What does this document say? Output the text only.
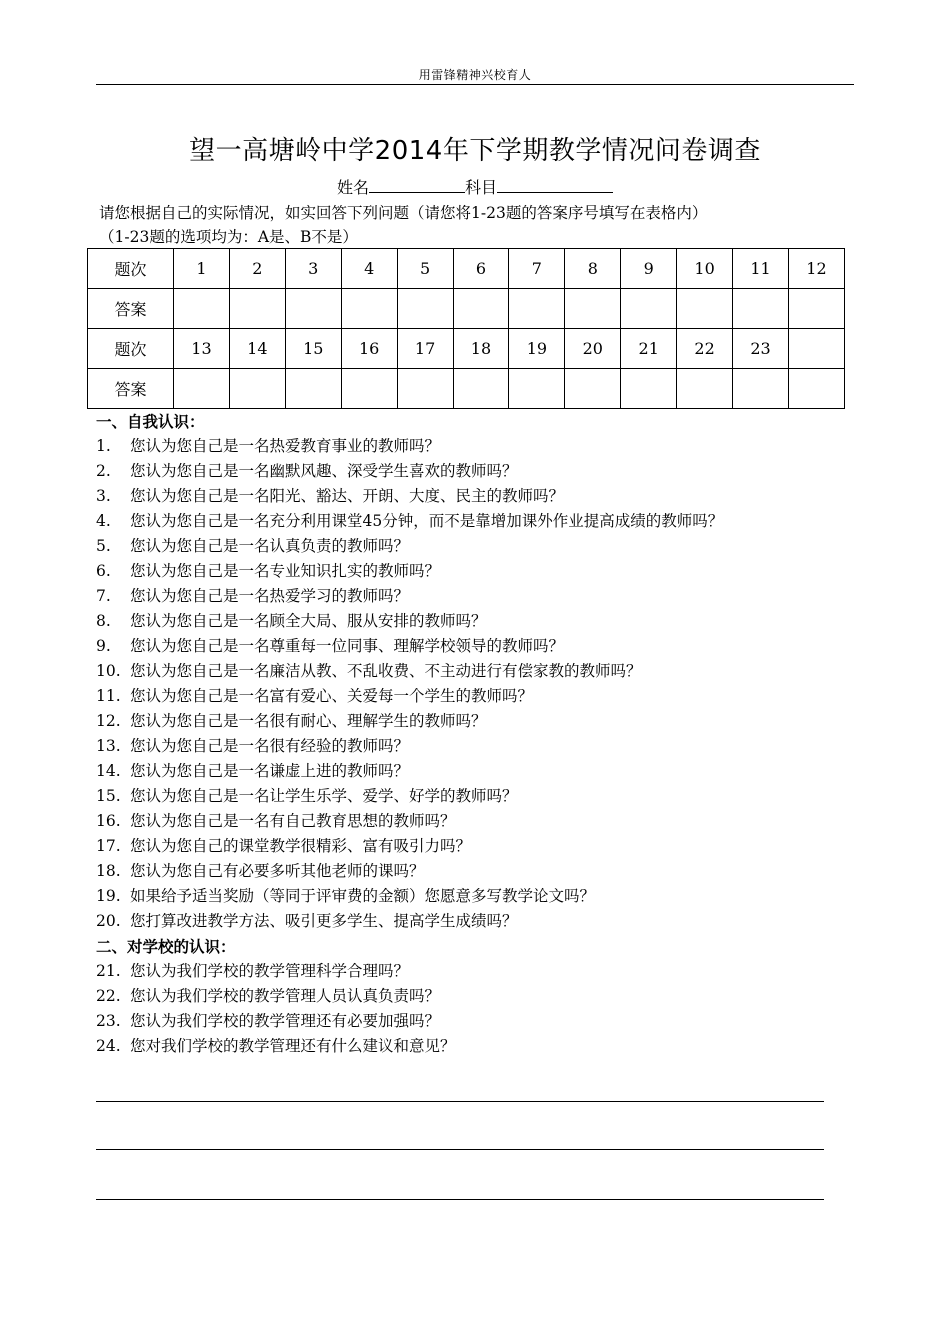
用雷锋精神兴校育人
望一高塘岭中学2014年下学期教学情况问卷调查
姓名	科目
请您根据自己的实际情况，如实回答下列问题（请您将1-23题的答案序号填写在表格内）
（1-23题的选项均为：A是、B不是）
题次	1	2	3	4	5	6	7	8	9	10	11	12
答案												
题次	13	14	15	16	17	18	19	20	21	22	23	
答案												
一、自我认识：
1.	您认为您自己是一名热爱教育事业的教师吗？
2.	您认为您自己是一名幽默风趣、深受学生喜欢的教师吗？
3.	您认为您自己是一名阳光、豁达、开朗、大度、民主的教师吗？
4.	您认为您自己是一名充分利用课堂45分钟，而不是靠增加课外作业提高成绩的教师吗？
5.	您认为您自己是一名认真负责的教师吗？
6.	您认为您自己是一名专业知识扎实的教师吗？
7.	您认为您自己是一名热爱学习的教师吗？
8.	您认为您自己是一名顾全大局、服从安排的教师吗？
9.	您认为您自己是一名尊重每一位同事、理解学校领导的教师吗？
10. 您认为您自己是一名廉洁从教、不乱收费、不主动进行有偿家教的教师吗？
11. 您认为您自己是一名富有爱心、关爱每一个学生的教师吗？
12. 您认为您自己是一名很有耐心、理解学生的教师吗？
13. 您认为您自己是一名很有经验的教师吗？
14. 您认为您自己是一名谦虚上进的教师吗？
15. 您认为您自己是一名让学生乐学、爱学、好学的教师吗？
16. 您认为您自己是一名有自己教育思想的教师吗？
17. 您认为您自己的课堂教学很精彩、富有吸引力吗？
18. 您认为您自己有必要多听其他老师的课吗？
19. 如果给予适当奖励（等同于评审费的金额）您愿意多写教学论文吗？
20. 您打算改进教学方法、吸引更多学生、提高学生成绩吗？
二、对学校的认识：
21. 您认为我们学校的教学管理科学合理吗？
22. 您认为我们学校的教学管理人员认真负责吗？
23. 您认为我们学校的教学管理还有必要加强吗？
24. 您对我们学校的教学管理还有什么建议和意见？
